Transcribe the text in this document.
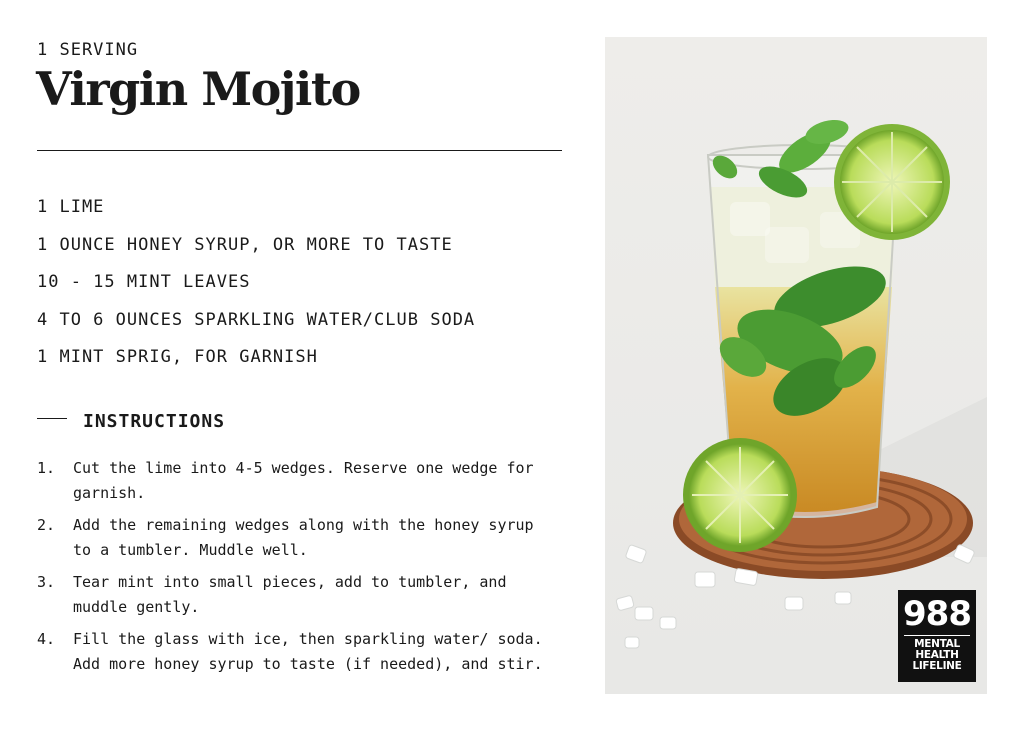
1 SERVING
Virgin Mojito
1 LIME
1 OUNCE HONEY SYRUP, OR MORE TO TASTE
10 - 15 MINT LEAVES
4 TO 6 OUNCES SPARKLING WATER/CLUB SODA
1 MINT SPRIG, FOR GARNISH
INSTRUCTIONS
1.	Cut the lime into 4-5 wedges. Reserve one wedge for garnish.
2.	Add the remaining wedges along with the honey syrup to a tumbler. Muddle well.
3.	Tear mint into small pieces, add to tumbler, and muddle gently.
4.	Fill the glass with ice, then sparkling water/ soda. Add more honey syrup to taste (if needed), and stir.
988
MENTAL
HEALTH
LIFELINE
